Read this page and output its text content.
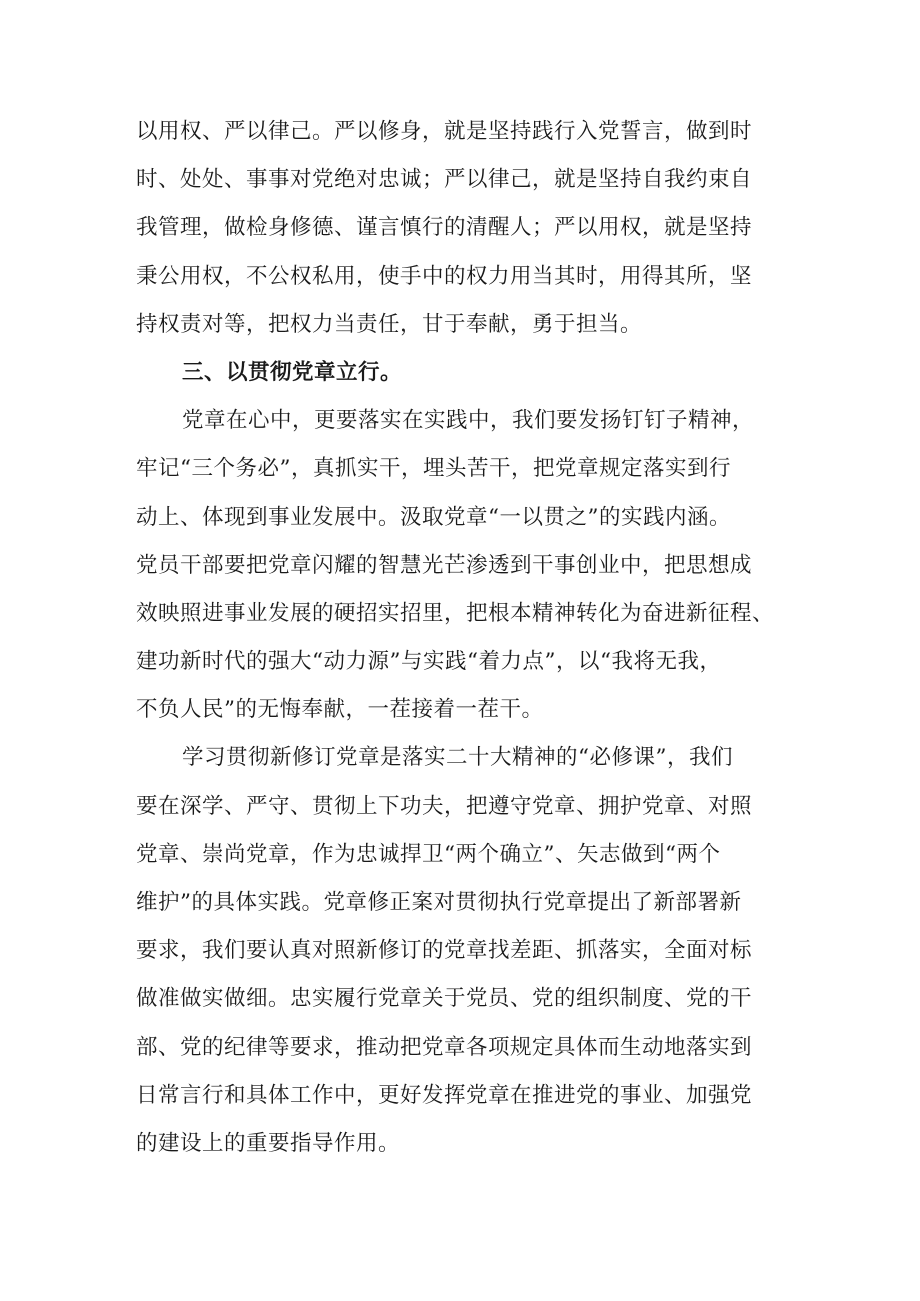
以用权、严以律己。严以修身，就是坚持践行入党誓言，做到时
时、处处、事事对党绝对忠诚；严以律己，就是坚持自我约束自
我管理，做检身修德、谨言慎行的清醒人；严以用权，就是坚持
秉公用权，不公权私用，使手中的权力用当其时，用得其所，坚
持权责对等，把权力当责任，甘于奉献，勇于担当。
三、以贯彻党章立行。
党章在心中，更要落实在实践中，我们要发扬钉钉子精神，
牢记“三个务必”，真抓实干，埋头苦干，把党章规定落实到行
动上、体现到事业发展中。汲取党章“一以贯之”的实践内涵。
党员干部要把党章闪耀的智慧光芒渗透到干事创业中，把思想成
效映照进事业发展的硬招实招里，把根本精神转化为奋进新征程、
建功新时代的强大“动力源”与实践“着力点”，以“我将无我，
不负人民”的无悔奉献，一茬接着一茬干。
学习贯彻新修订党章是落实二十大精神的“必修课”，我们
要在深学、严守、贯彻上下功夫，把遵守党章、拥护党章、对照
党章、崇尚党章，作为忠诚捍卫“两个确立”、矢志做到“两个
维护”的具体实践。党章修正案对贯彻执行党章提出了新部署新
要求，我们要认真对照新修订的党章找差距、抓落实，全面对标
做准做实做细。忠实履行党章关于党员、党的组织制度、党的干
部、党的纪律等要求，推动把党章各项规定具体而生动地落实到
日常言行和具体工作中，更好发挥党章在推进党的事业、加强党
的建设上的重要指导作用。
